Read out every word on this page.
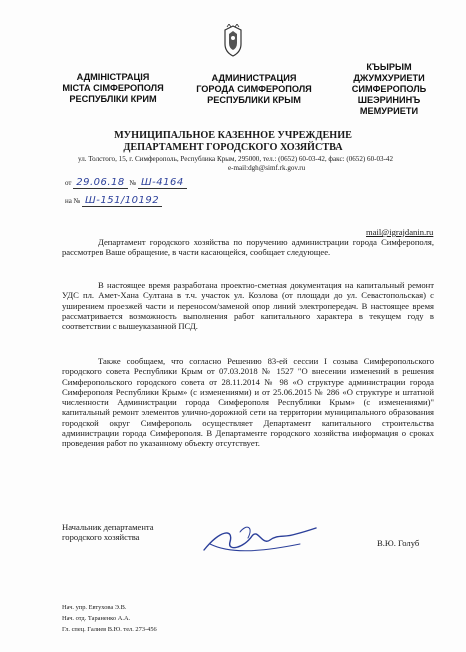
АДМІНІСТРАЦІЯ
МІСТА СІМФЕРОПОЛЯ
РЕСПУБЛІКИ КРИМ
АДМИНИСТРАЦИЯ
ГОРОДА СИМФЕРОПОЛЯ
РЕСПУБЛИКИ КРЫМ
КЪЫРЫМ
ДЖУМХУРИЕТИ
СИМФЕРОПОЛЬ
ШЕЭРИНИНЪ
МЕМУРИЕТИ
МУНИЦИПАЛЬНОЕ КАЗЕННОЕ УЧРЕЖДЕНИЕ
ДЕПАРТАМЕНТ ГОРОДСКОГО ХОЗЯЙСТВА
ул. Толстого, 15, г. Симферополь, Республика Крым, 295000, тел.: (0652) 60-03-42, факс: (0652) 60-03-42
e-mail:dgh@simf.rk.gov.ru
от 29.06.18 № Ш-4164
на № Ш-151/10192
mail@igrajdanin.ru
Департамент городского хозяйства по поручению администрации города Симферополя, рассмотрев Ваше обращение, в части касающейся, сообщает следующее.
В настоящее время разработана проектно-сметная документация на капитальный ремонт УДС пл. Амет-Хана Султана в т.ч. участок ул. Козлова (от площади до ул. Севастопольская) с уширением проезжей части и переносом/заменой опор линий электропередач. В настоящее время рассматривается возможность выполнения работ капитального характера в текущем году в соответствии с вышеуказанной ПСД.
Также сообщаем, что согласно Решению 83-ей сессии I созыва Симферопольского городского совета Республики Крым от 07.03.2018 № 1527 "О внесении изменений в решения Симферопольского городского совета от 28.11.2014 № 98 «О структуре администрации города Симферополя Республики Крым» (с изменениями) и от 25.06.2015 № 286 «О структуре и штатной численности Администрации города Симферополя Республики Крым» (с изменениями)" капитальный ремонт элементов улично-дорожной сети на территории муниципального образования городской округ Симферополь осуществляет Департамент капитального строительства администрации города Симферополя. В Департаменте городского хозяйства информация о сроках проведения работ по указанному объекту отсутствует.
Начальник департамента
городского хозяйства
В.Ю. Голуб
Нач. упр. Евтухова Э.В.
Нач. отд. Тараненко А.А.
Гл. спец. Галиев В.Ю. тел. 273-456
